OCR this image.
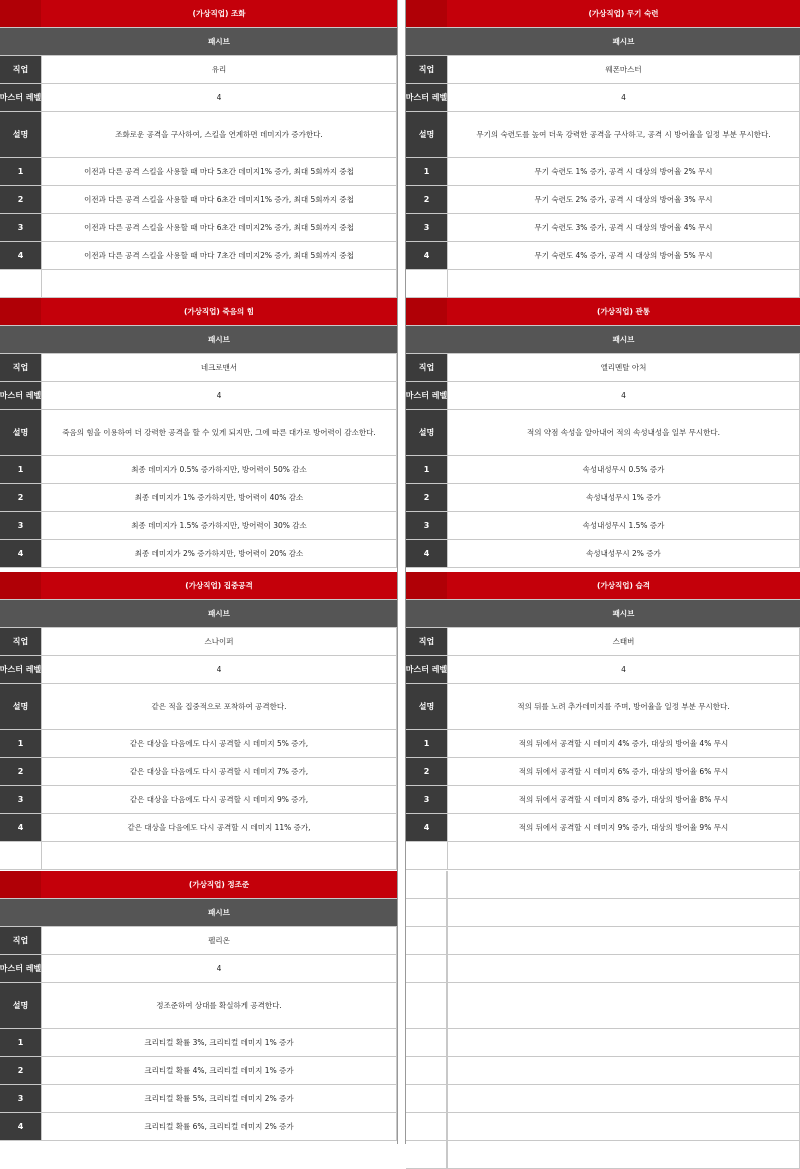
(가상직업) 조화
패시브
직업	유리
마스터 레벨	4
설명	조화로운 공격을 구사하여, 스킬을 연계하면 데미지가 증가한다.
1	이전과 다른 공격 스킬을 사용할 때 마다 5초간 데미지1% 증가, 최대 5회까지 중첩
2	이전과 다른 공격 스킬을 사용할 때 마다 6초간 데미지1% 증가, 최대 5회까지 중첩
3	이전과 다른 공격 스킬을 사용할 때 마다 6초간 데미지2% 증가, 최대 5회까지 중첩
4	이전과 다른 공격 스킬을 사용할 때 마다 7초간 데미지2% 증가, 최대 5회까지 중첩
(가상직업) 무기 숙련
패시브
직업	웨폰마스터
마스터 레벨	4
설명	무기의 숙련도를 높여 더욱 강력한 공격을 구사하고, 공격 시 방어율을 일정 부분 무시한다.
1	무기 숙련도 1% 증가, 공격 시 대상의 방어율 2% 무시
2	무기 숙련도 2% 증가, 공격 시 대상의 방어율 3% 무시
3	무기 숙련도 3% 증가, 공격 시 대상의 방어율 4% 무시
4	무기 숙련도 4% 증가, 공격 시 대상의 방어율 5% 무시
(가상직업) 죽음의 힘
패시브
직업	네크로맨서
마스터 레벨	4
설명	죽음의 힘을 이용하여 더 강력한 공격을 할 수 있게 되지만, 그에 따른 대가로 방어력이 감소한다.
1	최종 데미지가 0.5% 증가하지만, 방어력이 50% 감소
2	최종 데미지가 1% 증가하지만, 방어력이 40% 감소
3	최종 데미지가 1.5% 증가하지만, 방어력이 30% 감소
4	최종 데미지가 2% 증가하지만, 방어력이 20% 감소
(가상직업) 관통
패시브
직업	엘리멘탈 아처
마스터 레벨	4
설명	적의 약점 속성을 알아내어 적의 속성내성을 일부 무시한다.
1	속성내성무시 0.5% 증가
2	속성내성무시 1% 증가
3	속성내성무시 1.5% 증가
4	속성내성무시 2% 증가
(가상직업) 집중공격
패시브
직업	스나이퍼
마스터 레벨	4
설명	같은 적을 집중적으로 포착하여 공격한다.
1	같은 대상을 다음에도 다시 공격할 시 데미지 5% 증가,
2	같은 대상을 다음에도 다시 공격할 시 데미지 7% 증가,
3	같은 대상을 다음에도 다시 공격할 시 데미지 9% 증가,
4	같은 대상을 다음에도 다시 공격할 시 데미지 11% 증가,
(가상직업) 습격
패시브
직업	스태버
마스터 레벨	4
설명	적의 뒤를 노려 추가데미지를 주며, 방어율을 일정 부분 무시한다.
1	적의 뒤에서 공격할 시 데미지 4% 증가, 대상의 방어율 4% 무시
2	적의 뒤에서 공격할 시 데미지 6% 증가, 대상의 방어율 6% 무시
3	적의 뒤에서 공격할 시 데미지 8% 증가, 대상의 방어율 8% 무시
4	적의 뒤에서 공격할 시 데미지 9% 증가, 대상의 방어율 9% 무시
(가상직업) 정조준
패시브
직업	펠리온
마스터 레벨	4
설명	정조준하여 상대를 확실하게 공격한다.
1	크리티컬 확률 3%, 크리티컬 데미지 1% 증가
2	크리티컬 확률 4%, 크리티컬 데미지 1% 증가
3	크리티컬 확률 5%, 크리티컬 데미지 2% 증가
4	크리티컬 확률 6%, 크리티컬 데미지 2% 증가
